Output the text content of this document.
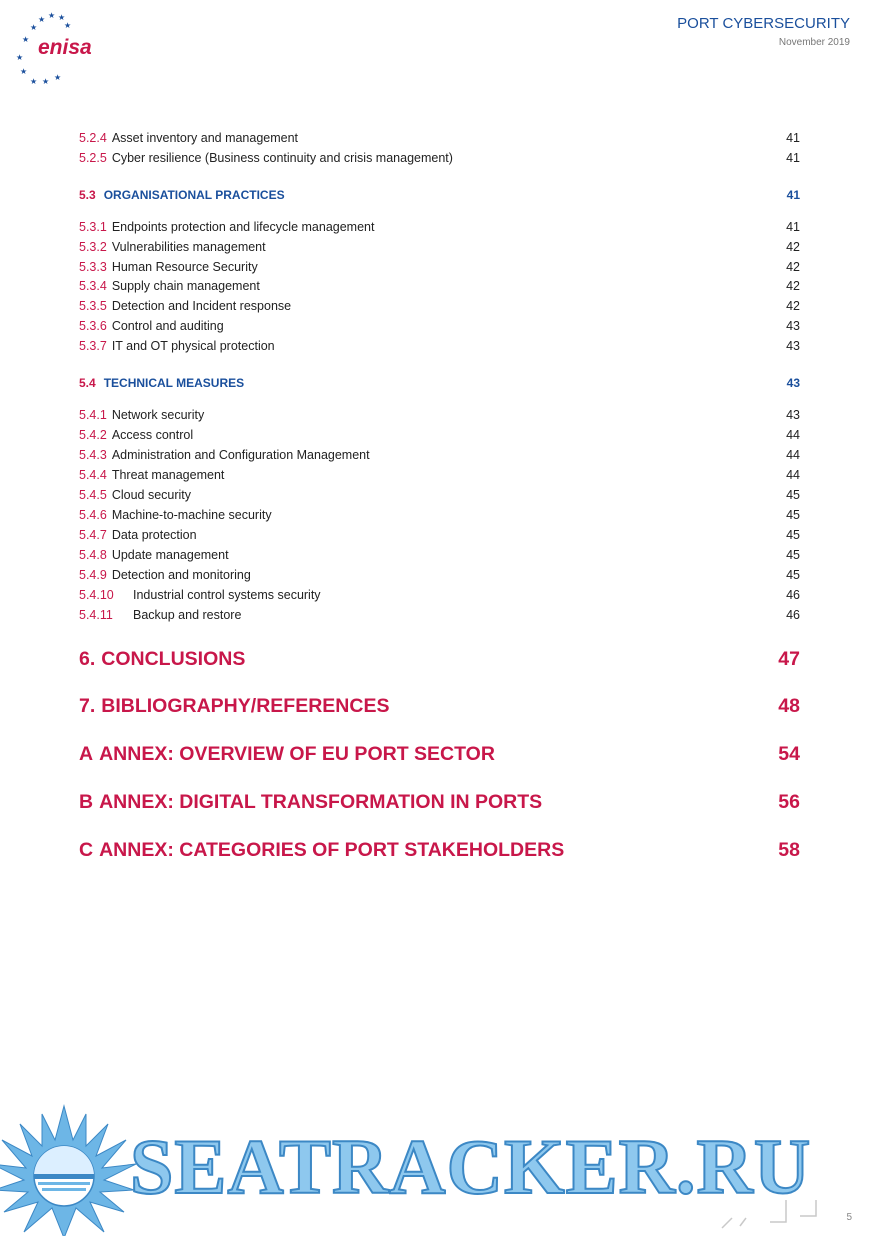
★ ★ ★
★	★
★
★
★
★ ★ ★
enisa
PORT CYBERSECURITY
November 2019
5.2.4 Asset inventory and management	41
5.2.5 Cyber resilience (Business continuity and crisis management)	41
5.3 ORGANISATIONAL PRACTICES	41
5.3.1 Endpoints protection and lifecycle management	41
5.3.2 Vulnerabilities management	42
5.3.3 Human Resource Security	42
5.3.4 Supply chain management	42
5.3.5 Detection and Incident response	42
5.3.6 Control and auditing	43
5.3.7 IT and OT physical protection	43
5.4 TECHNICAL MEASURES	43
5.4.1 Network security	43
5.4.2 Access control	44
5.4.3 Administration and Configuration Management	44
5.4.4 Threat management	44
5.4.5 Cloud security	45
5.4.6 Machine-to-machine security	45
5.4.7 Data protection	45
5.4.8 Update management	45
5.4.9 Detection and monitoring	45
5.4.10	Industrial control systems security	46
5.4.11	Backup and restore	46
6. CONCLUSIONS	47
7. BIBLIOGRAPHY/REFERENCES	48
A ANNEX: OVERVIEW OF EU PORT SECTOR	54
B ANNEX: DIGITAL TRANSFORMATION IN PORTS	56
C ANNEX: CATEGORIES OF PORT STAKEHOLDERS	58
SEATRACKER.RU
5
